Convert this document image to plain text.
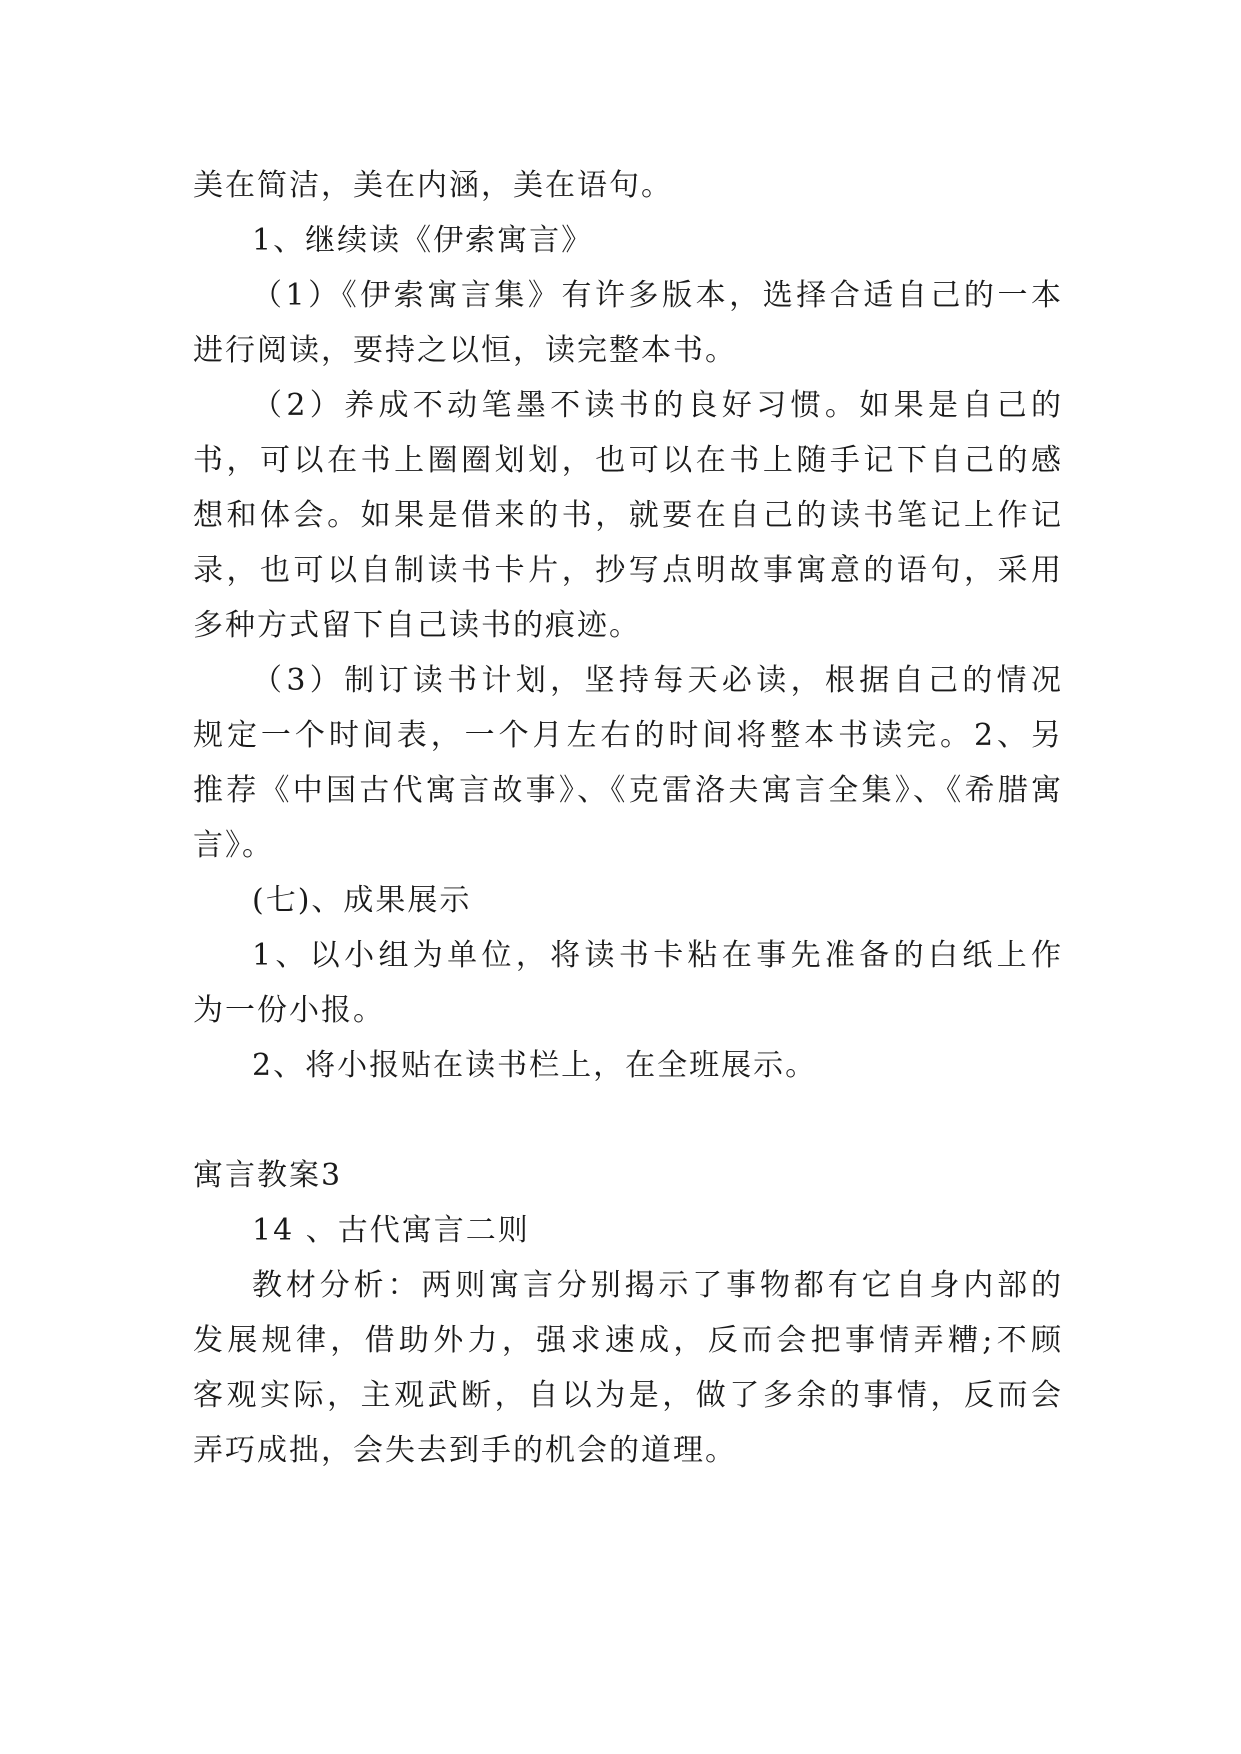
美在简洁，美在内涵，美在语句。
1、继续读《伊索寓言》
（1）《伊索寓言集》有许多版本，选择合适自己的一本
进行阅读，要持之以恒，读完整本书。
（2）养成不动笔墨不读书的良好习惯。如果是自己的
书，可以在书上圈圈划划，也可以在书上随手记下自己的感
想和体会。如果是借来的书，就要在自己的读书笔记上作记
录，也可以自制读书卡片，抄写点明故事寓意的语句，采用
多种方式留下自己读书的痕迹。
（3）制订读书计划，坚持每天必读，根据自己的情况
规定一个时间表，一个月左右的时间将整本书读完。2、另
推荐《中国古代寓言故事》、《克雷洛夫寓言全集》、《希腊寓
言》。
(七)、成果展示
1、以小组为单位，将读书卡粘在事先准备的白纸上作
为一份小报。
2、将小报贴在读书栏上，在全班展示。
寓言教案3
14 、古代寓言二则
教材分析：两则寓言分别揭示了事物都有它自身内部的
发展规律，借助外力，强求速成，反而会把事情弄糟;不顾
客观实际，主观武断，自以为是，做了多余的事情，反而会
弄巧成拙，会失去到手的机会的道理。
